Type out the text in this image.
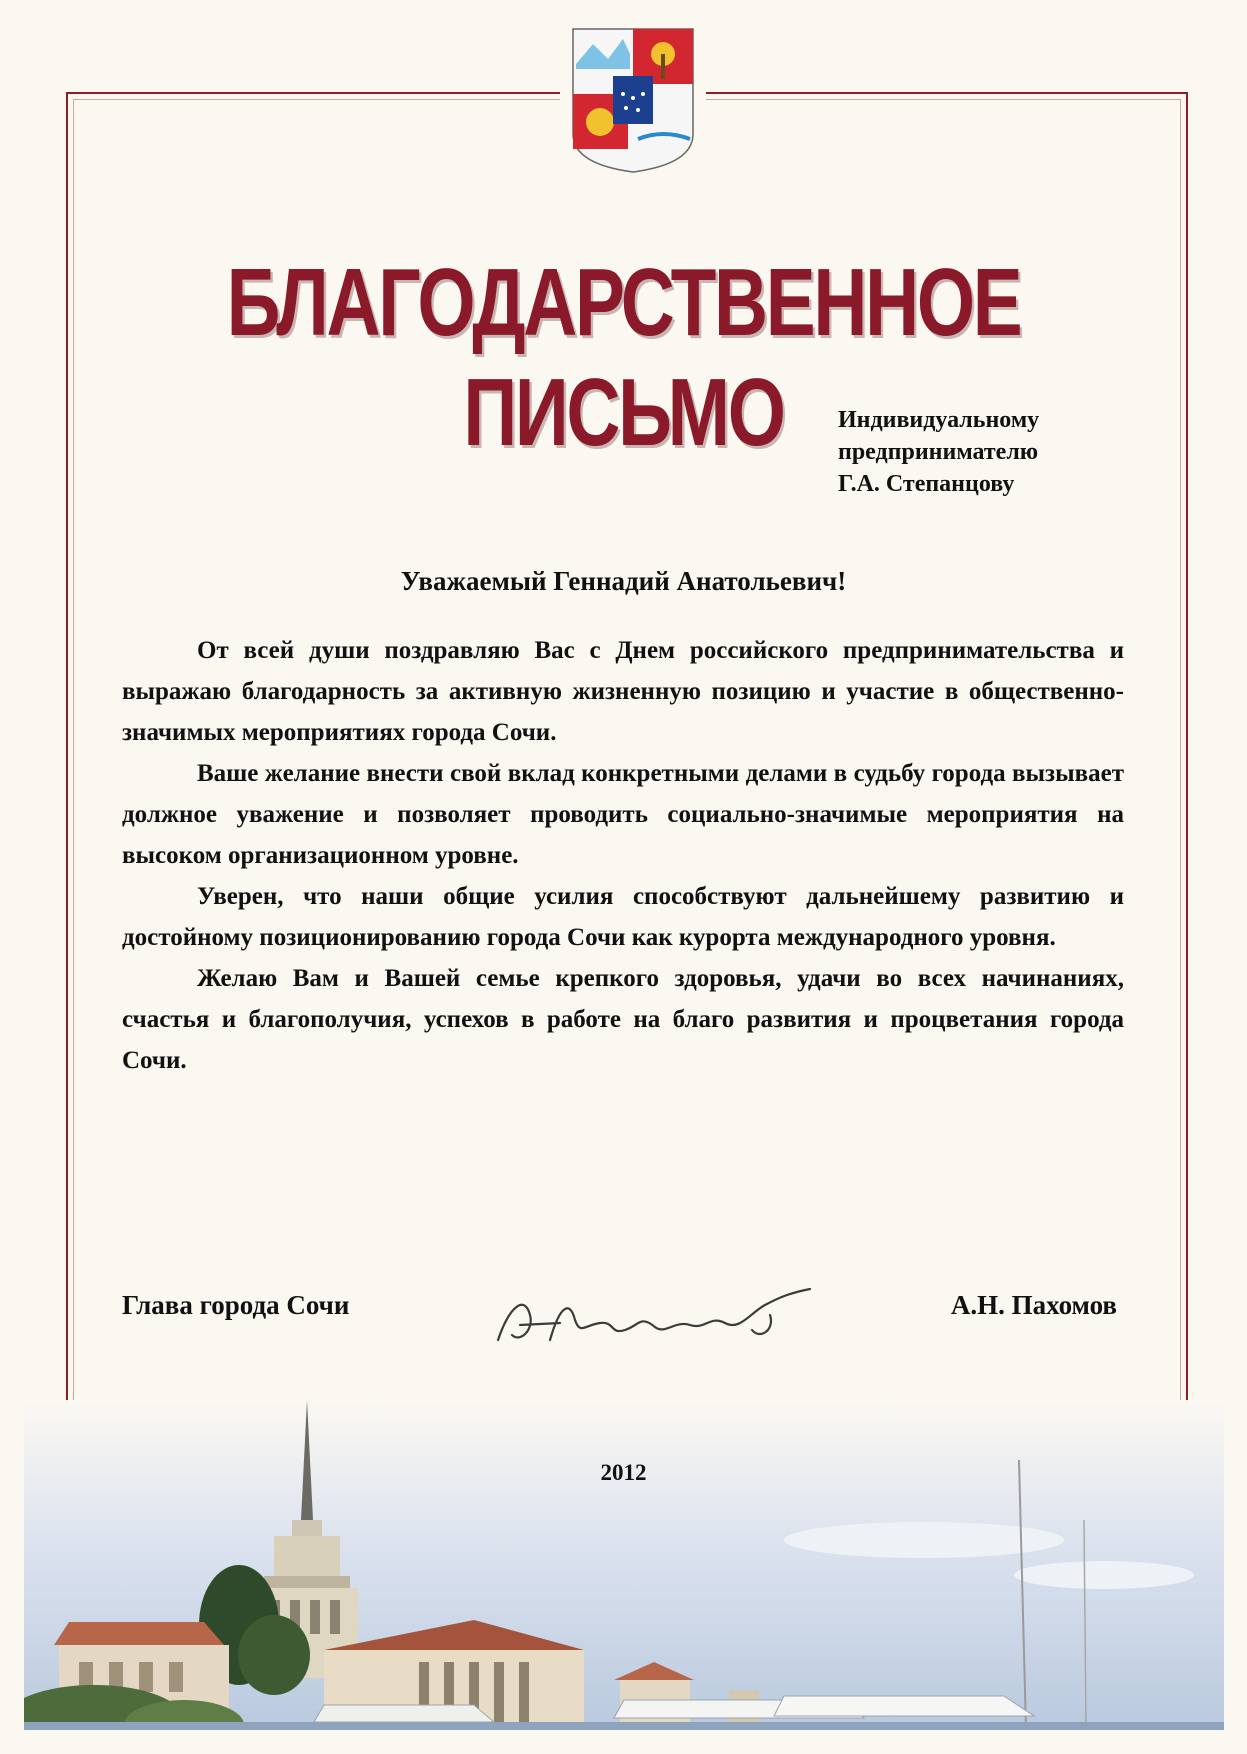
БЛАГОДАРСТВЕННОЕ ПИСЬМО	Индивидуальному
предпринимателю
Г.А. Степанцову
Уважаемый Геннадий Анатольевич!

От всей души поздравляю Вас с Днем российского предпринимательства и выражаю благодарность за активную жизненную позицию и участие в общественно-значимых мероприятиях города Сочи.

Ваше желание внести свой вклад конкретными делами в судьбу города вызывает должное уважение и позволяет проводить социально-значимые мероприятия на высоком организационном уровне.

Уверен, что наши общие усилия способствуют дальнейшему развитию и достойному позиционированию города Сочи как курорта международного уровня.

Желаю Вам и Вашей семье крепкого здоровья, удачи во всех начинаниях, счастья и благополучия, успехов в работе на благо развития и процветания города Сочи.

Глава города Сочи	А.Н. Пахомов
2012
